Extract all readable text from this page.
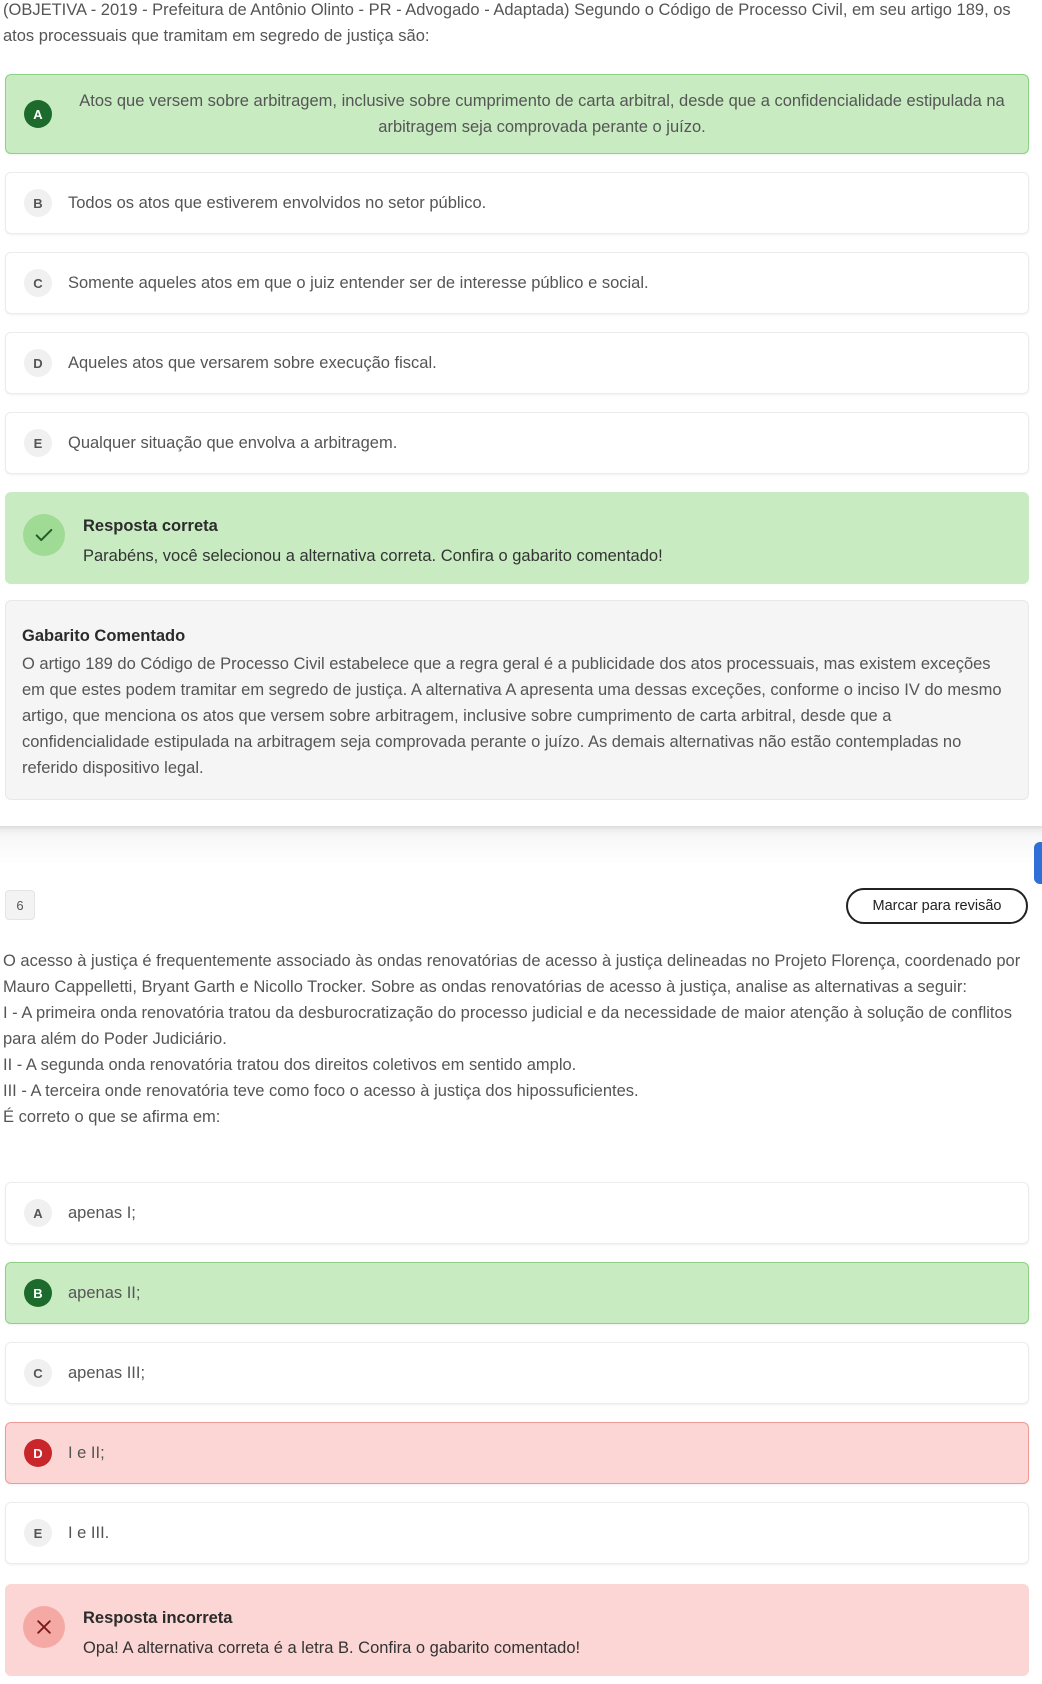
(OBJETIVA - 2019 - Prefeitura de Antônio Olinto - PR - Advogado - Adaptada) Segundo o Código de Processo Civil, em seu artigo 189, os atos processuais que tramitam em segredo de justiça são:
A
Atos que versem sobre arbitragem, inclusive sobre cumprimento de carta arbitral, desde que a confidencialidade estipulada na arbitragem seja comprovada perante o juízo.
B	Todos os atos que estiverem envolvidos no setor público.
C	Somente aqueles atos em que o juiz entender ser de interesse público e social.
D	Aqueles atos que versarem sobre execução fiscal.
E	Qualquer situação que envolva a arbitragem.
Resposta correta
Parabéns, você selecionou a alternativa correta. Confira o gabarito comentado!
Gabarito Comentado
O artigo 189 do Código de Processo Civil estabelece que a regra geral é a publicidade dos atos processuais, mas existem exceções em que estes podem tramitar em segredo de justiça. A alternativa A apresenta uma dessas exceções, conforme o inciso IV do mesmo artigo, que menciona os atos que versem sobre arbitragem, inclusive sobre cumprimento de carta arbitral, desde que a confidencialidade estipulada na arbitragem seja comprovada perante o juízo. As demais alternativas não estão contempladas no referido dispositivo legal.
6	Marcar para revisão
O acesso à justiça é frequentemente associado às ondas renovatórias de acesso à justiça delineadas no Projeto Florença, coordenado por Mauro Cappelletti, Bryant Garth e Nicollo Trocker. Sobre as ondas renovatórias de acesso à justiça, analise as alternativas a seguir:
I - A primeira onda renovatória tratou da desburocratização do processo judicial e da necessidade de maior atenção à solução de conflitos para além do Poder Judiciário.
II - A segunda onda renovatória tratou dos direitos coletivos em sentido amplo.
III - A terceira onde renovatória teve como foco o acesso à justiça dos hipossuficientes.
É correto o que se afirma em:
A	apenas I;
B	apenas II;
C	apenas III;
D	I e II;
E	I e III.
Resposta incorreta
Opa! A alternativa correta é a letra B. Confira o gabarito comentado!
